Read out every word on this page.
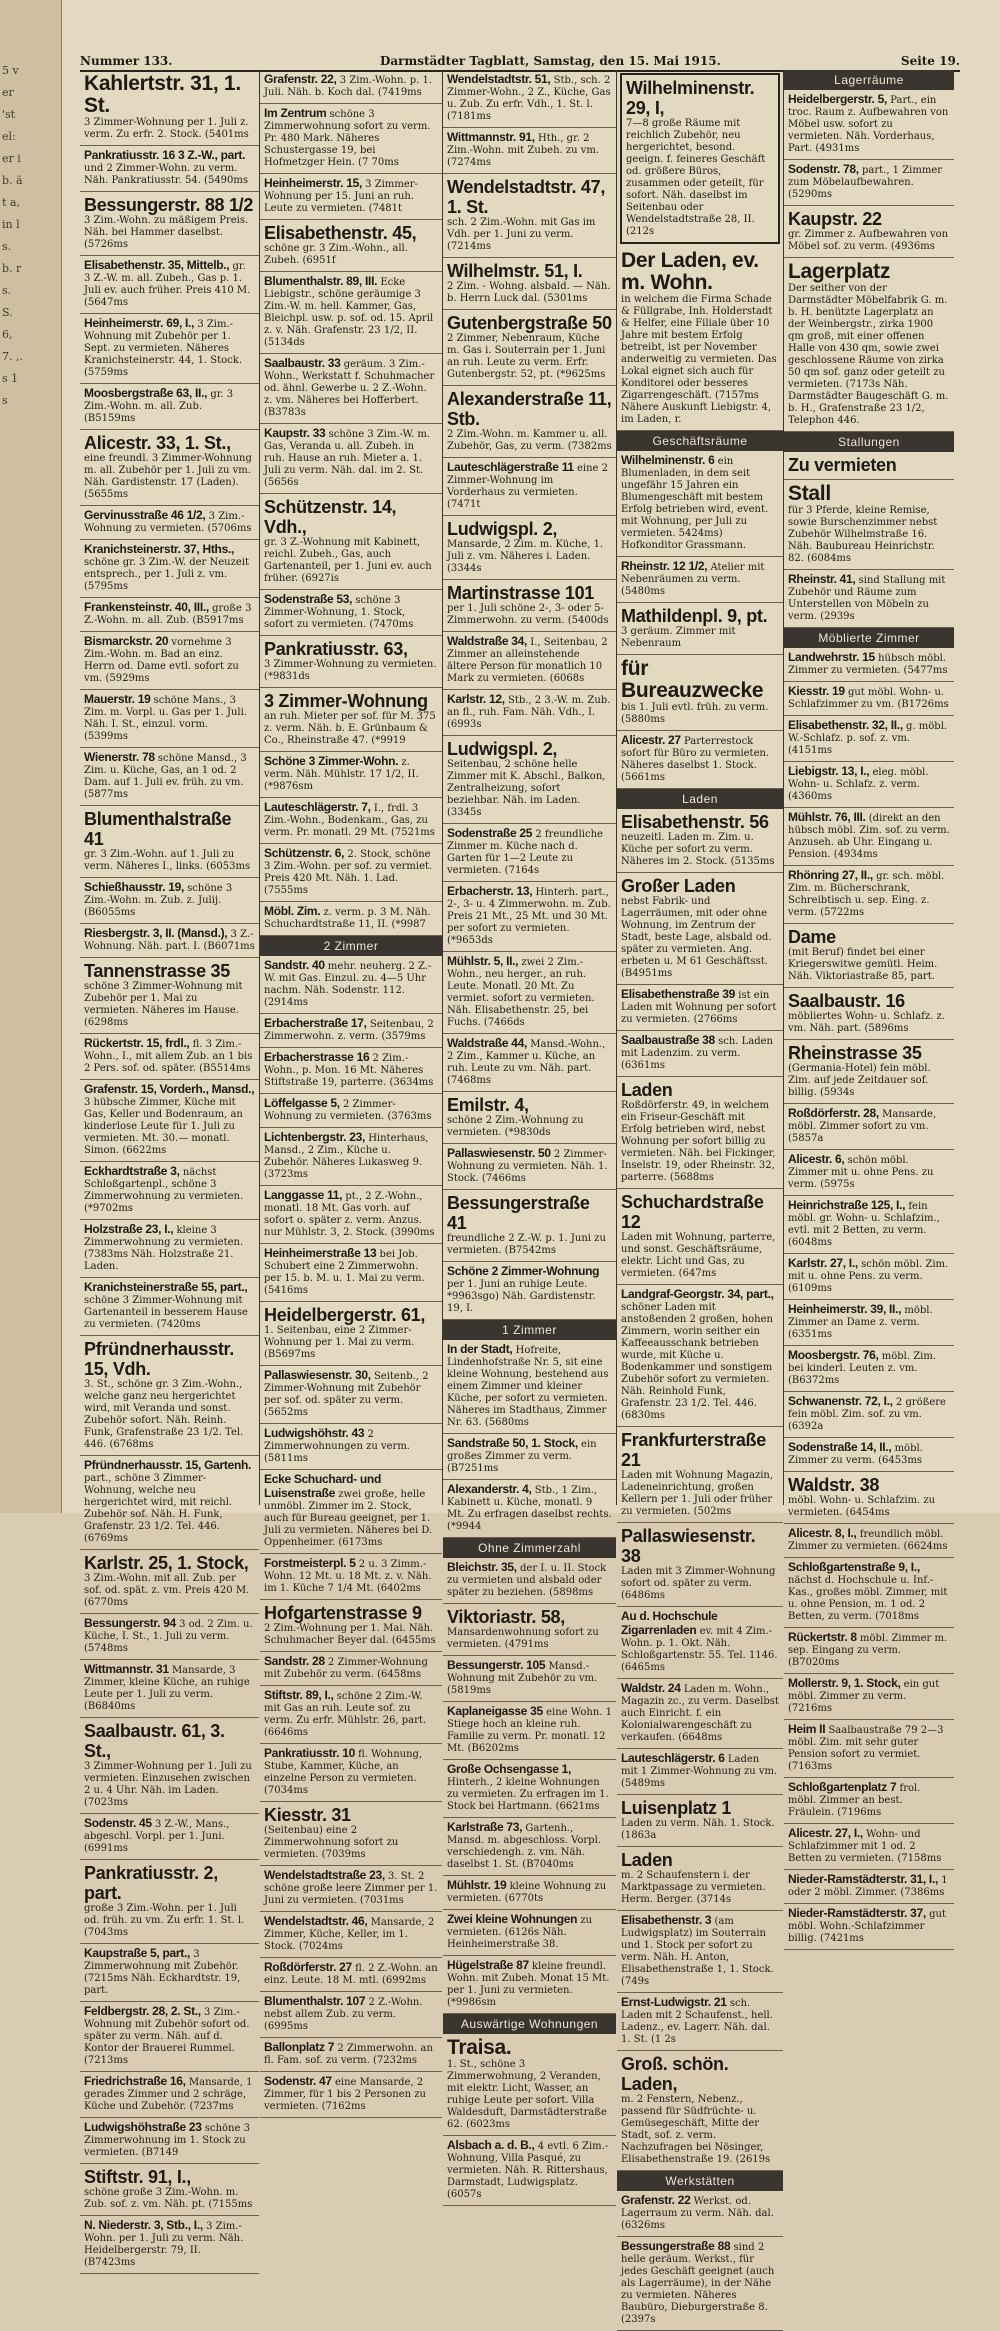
5 ver 'st el: er ib. ät a, in ls. b. rs. S. 6, 7. ,. s 1 s
Nummer 133.	Darmstädter Tagblatt, Samstag, den 15. Mai 1915.	Seite 19.
Kahlertstr. 31, 1. St.
3 Zimmer-Wohnung per 1. Juli z. verm. Zu erfr. 2. Stock. (5401ms
Pankratiusstr. 16 3 Z.-W., part. und 2 Zimmer-Wohn. zu verm. Näh. Pankratiusstr. 54. (5490ms
Bessungerstr. 88 1/2
3 Zim.-Wohn. zu mäßigem Preis. Näh. bei Hammer daselbst. (5726ms
Elisabethenstr. 35, Mittelb., gr. 3 Z.-W. m. all. Zubeh., Gas p. 1. Juli ev. auch früher. Preis 410 M. (5647ms
Heinheimerstr. 69, I., 3 Zim.-Wohnung mit Zubehör per 1. Sept. zu vermieten. Näheres Kranichsteinerstr. 44, 1. Stock. (5759ms
Moosbergstraße 63, II., gr. 3 Zim.-Wohn. m. all. Zub. (B5159ms
Alicestr. 33, 1. St.,
eine freundl. 3 Zimmer-Wohnung m. all. Zubehör per 1. Juli zu vm. Näh. Gardistenstr. 17 (Laden). (5655ms
Gervinusstraße 46 1/2, 3 Zim.-Wohnung zu vermieten. (5706ms
Kranichsteinerstr. 37, Hths., schöne gr. 3 Zim.-W. der Neuzeit entsprech., per 1. Juli z. vm. (5795ms
Frankensteinstr. 40, III., große 3 Z.-Wohn. m. all. Zub. (B5917ms
Bismarckstr. 20 vornehme 3 Zim.-Wohn. m. Bad an einz. Herrn od. Dame evtl. sofort zu vm. (5929ms
Mauerstr. 19 schöne Mans., 3 Zim. m. Vorpl. u. Gas per 1. Juli. Näh. I. St., einzul. vorm. (5399ms
Wienerstr. 78 schöne Mansd., 3 Zim. u. Küche, Gas, an 1 od. 2 Dam. auf 1. Juli ev. früh. zu vm. (5877ms
Blumenthalstraße 41
gr. 3 Zim.-Wohn. auf 1. Juli zu verm. Näheres I., links. (6053ms
Schießhausstr. 19, schöne 3 Zim.-Wohn. m. Zub. z. Julij. (B6055ms
Riesbergstr. 3, II. (Mansd.), 3 Z.-Wohnung. Näh. part. I. (B6071ms
Tannenstrasse 35
schöne 3 Zimmer-Wohnung mit Zubehör per 1. Mai zu vermieten. Näheres im Hause. (6298ms
Rückertstr. 15, frdl., fl. 3 Zim.-Wohn., I., mit allem Zub. an 1 bis 2 Pers. sof. od. später. (B5514ms
Grafenstr. 15, Vorderh., Mansd., 3 hübsche Zimmer, Küche mit Gas, Keller und Bodenraum, an kinderlose Leute für 1. Juli zu vermieten. Mt. 30.— monatl. Simon. (6622ms
Eckhardtstraße 3, nächst Schloßgartenpl., schöne 3 Zimmerwohnung zu vermieten. (*9702ms
Holzstraße 23, I., kleine 3 Zimmerwohnung zu vermieten. (7383ms Näh. Holzstraße 21. Laden.
Kranichsteinerstraße 55, part., schöne 3 Zimmer-Wohnung mit Gartenanteil in besserem Hause zu vermieten. (7420ms
Pfründnerhausstr. 15, Vdh.
3. St., schöne gr. 3 Zim.-Wohn., welche ganz neu hergerichtet wird, mit Veranda und sonst. Zubehör sofort. Näh. Reinh. Funk, Grafenstraße 23 1/2. Tel. 446. (6768ms
Pfründnerhausstr. 15, Gartenh. part., schöne 3 Zimmer-Wohnung, welche neu hergerichtet wird, mit reichl. Zubehör sof. Näh. H. Funk, Grafenstr. 23 1/2. Tel. 446. (6769ms
Karlstr. 25, 1. Stock,
3 Zim.-Wohn. mit all. Zub. per sof. od. spät. z. vm. Preis 420 M. (6770ms
Bessungerstr. 94 3 od. 2 Zim. u. Küche, I. St., 1. Juli zu verm. (5748ms
Wittmannstr. 31 Mansarde, 3 Zimmer, kleine Küche, an ruhige Leute per 1. Juli zu verm. (B6840ms
Saalbaustr. 61, 3. St.,
3 Zimmer-Wohnung per 1. Juli zu vermieten. Einzusehen zwischen 2 u. 4 Uhr. Näh. im Laden. (7023ms
Sodenstr. 45 3 Z.-W., Mans., abgeschl. Vorpl. per 1. Juni. (6991ms
Pankratiusstr. 2, part.
große 3 Zim.-Wohn. per 1. Juli od. früh. zu vm. Zu erfr. 1. St. l. (7043ms
Kaupstraße 5, part., 3 Zimmerwohnung mit Zubehör. (7215ms Näh. Eckhardtstr. 19, part.
Feldbergstr. 28, 2. St., 3 Zim.-Wohnung mit Zubehör sofort od. später zu verm. Näh. auf d. Kontor der Brauerei Rummel. (7213ms
Friedrichstraße 16, Mansarde, 1 gerades Zimmer und 2 schräge, Küche und Zubehör. (7237ms
Ludwigshöhstraße 23 schöne 3 Zimmerwohnung im 1. Stock zu vermieten. (B7149
Stiftstr. 91, I.,
schöne große 3 Zim.-Wohn. m. Zub. sof. z. vm. Näh. pt. (7155ms
N. Niederstr. 3, Stb., I., 3 Zim.-Wohn. per 1. Juli zu verm. Näh. Heidelbergerstr. 79, II. (B7423ms
Grafenstr. 22, 3 Zim.-Wohn. p. 1. Juli. Näh. b. Koch dal. (7419ms
Im Zentrum schöne 3 Zimmerwohnung sofort zu verm. Pr. 480 Mark. Näheres Schustergasse 19, bei Hofmetzger Hein. (7 70ms
Heinheimerstr. 15, 3 Zimmer-Wohnung per 15. Juni an ruh. Leute zu vermieten. (7481t
Elisabethenstr. 45,
schöne gr. 3 Zim.-Wohn., all. Zubeh. (6951f
Blumenthalstr. 89, III. Ecke Liebigstr., schöne geräumige 3 Zim.-W. m. hell. Kammer, Gas, Bleichpl. usw. p. sof. od. 15. April z. v. Näh. Grafenstr. 23 1/2, II. (5134ds
Saalbaustr. 33 geräum. 3 Zim.-Wohn., Werkstatt f. Schuhmacher od. ähnl. Gewerbe u. 2 Z.-Wohn. z. vm. Näheres bei Hofferbert. (B3783s
Kaupstr. 33 schöne 3 Zim.-W. m. Gas, Veranda u. all. Zubeh. in ruh. Hause an ruh. Mieter a. 1. Juli zu verm. Näh. dal. im 2. St. (5656s
Schützenstr. 14, Vdh.,
gr. 3 Z.-Wohnung mit Kabinett, reichl. Zubeh., Gas, auch Gartenanteil, per 1. Juni ev. auch früher. (6927is
Sodenstraße 53, schöne 3 Zimmer-Wohnung, 1. Stock, sofort zu vermieten. (7470ms
Pankratiusstr. 63,
3 Zimmer-Wohnung zu vermieten. (*9831ds
3 Zimmer-Wohnung
an ruh. Mieter per sof. für M. 375 z. verm. Näh. b. E. Grünbaum & Co., Rheinstraße 47. (*9919
Schöne 3 Zimmer-Wohn. z. verm. Näh. Mühlstr. 17 1/2, II. (*9876sm
Lauteschlägerstr. 7, I., frdl. 3 Zim.-Wohn., Bodenkam., Gas, zu verm. Pr. monatl. 29 Mt. (7521ms
Schützenstr. 6, 2. Stock, schöne 3 Zim.-Wohn. per sof. zu vermiet. Preis 420 Mt. Näh. 1. Lad. (7555ms
Möbl. Zim. z. verm. p. 3 M. Näh. Schuchardtstraße 11, II. (*9987
2 Zimmer
Sandstr. 40 mehr. neuherg. 2 Z.-W. mit Gas. Einzul. zu. 4—5 Uhr nachm. Näh. Sodenstr. 112. (2914ms
Erbacherstraße 17, Seitenbau, 2 Zimmerwohn. z. verm. (3579ms
Erbacherstrasse 16 2 Zim.-Wohn., p. Mon. 16 Mt. Näheres Stiftstraße 19, parterre. (3634ms
Löffelgasse 5, 2 Zimmer-Wohnung zu vermieten. (3763ms
Lichtenbergstr. 23, Hinterhaus, Mansd., 2 Zim., Küche u. Zubehör. Näheres Lukasweg 9. (3723ms
Langgasse 11, pt., 2 Z.-Wohn., monatl. 18 Mt. Gas vorh. auf sofort o. später z. verm. Anzus. nur Mühlstr. 3, 2. Stock. (3990ms
Heinheimerstraße 13 bei Job. Schubert eine 2 Zimmerwohn. per 15. b. M. u. 1. Mai zu verm. (5416ms
Heidelbergerstr. 61,
1. Seitenbau, eine 2 Zimmer-Wohnung per 1. Mai zu verm. (B5697ms
Pallaswiesenstr. 30, Seitenb., 2 Zimmer-Wohnung mit Zubehör per sof. od. später zu verm. (5652ms
Ludwigshöhstr. 43 2 Zimmerwohnungen zu verm. (5811ms
Ecke Schuchard- und Luisenstraße zwei große, helle unmöbl. Zimmer im 2. Stock, auch für Bureau geeignet, per 1. Juli zu vermieten. Näheres bei D. Oppenheimer. (6173ms
Forstmeisterpl. 5 2 u. 3 Zimm.-Wohn. 12 Mt. u. 18 Mt. z. v. Näh. im 1. Küche 7 1/4 Mt. (6402ms
Hofgartenstrasse 9
2 Zim.-Wohnung per 1. Mai. Näh. Schuhmacher Beyer dal. (6455ms
Sandstr. 28 2 Zimmer-Wohnung mit Zubehör zu verm. (6458ms
Stiftstr. 89, I., schöne 2 Zim.-W. mit Gas an ruh. Leute sof. zu verm. Zu erfr. Mühlstr. 26, part. (6646ms
Pankratiusstr. 10 fl. Wohnung, Stube, Kammer, Küche, an einzelne Person zu vermieten. (7034ms
Kiesstr. 31
(Seitenbau) eine 2 Zimmerwohnung sofort zu vermieten. (7039ms
Wendelstadtstraße 23, 3. St. 2 schöne große leere Zimmer per 1. Juni zu vermieten. (7031ms
Wendelstadtstr. 46, Mansarde, 2 Zimmer, Küche, Keller, im 1. Stock. (7024ms
Roßdörferstr. 27 fl. 2 Z.-Wohn. an einz. Leute. 18 M. mtl. (6992ms
Blumenthalstr. 107 2 Z.-Wohn. nebst allem Zub. zu verm. (6995ms
Ballonplatz 7 2 Zimmerwohn. an fl. Fam. sof. zu verm. (7232ms
Sodenstr. 47 eine Mansarde, 2 Zimmer, für 1 bis 2 Personen zu vermieten. (7162ms
Wendelstadtstr. 51, Stb., sch. 2 Zimmer-Wohn., 2 Z., Küche, Gas u. Zub. Zu erfr. Vdh., 1. St. l. (7181ms
Wittmannstr. 91, Hth., gr. 2 Zim.-Wohn. mit Zubeh. zu vm. (7274ms
Wendelstadtstr. 47, 1. St.
sch. 2 Zim.-Wohn. mit Gas im Vdh. per 1. Juni zu verm. (7214ms
Wilhelmstr. 51, I.
2 Zim. - Wohng. alsbald. — Näh. b. Herrn Luck dal. (5301ms
Gutenbergstraße 50
2 Zimmer, Nebenraum, Küche m. Gas i. Souterrain per 1. Juni an ruh. Leute zu verm. Erfr. Gutenbergstr. 52, pt. (*9625ms
Alexanderstraße 11, Stb.
2 Zim.-Wohn. m. Kammer u. all. Zubehör, Gas, zu verm. (7382ms
Lauteschlägerstraße 11 eine 2 Zimmer-Wohnung im Vorderhaus zu vermieten. (7471t
Ludwigspl. 2,
Mansarde, 2 Zim. m. Küche, 1. Juli z. vm. Näheres i. Laden. (3344s
Martinstrasse 101
per 1. Juli schöne 2-, 3- oder 5-Zimmerwohn. zu verm. (5400ds
Waldstraße 34, I., Seitenbau, 2 Zimmer an alleinstehende ältere Person für monatlich 10 Mark zu vermieten. (6068s
Karlstr. 12, Stb., 2 3.-W. m. Zub. an fl., ruh. Fam. Näh. Vdh., I. (6993s
Ludwigspl. 2,
Seitenbau, 2 schöne helle Zimmer mit K. Abschl., Balkon, Zentralheizung, sofort beziehbar. Näh. im Laden. (3345s
Sodenstraße 25 2 freundliche Zimmer m. Küche nach d. Garten für 1—2 Leute zu vermieten. (7164s
Erbacherstr. 13, Hinterh. part., 2-, 3- u. 4 Zimmerwohn. m. Zub. Preis 21 Mt., 25 Mt. und 30 Mt. per sofort zu vermieten. (*9653ds
Mühlstr. 5, II., zwei 2 Zim.-Wohn., neu herger., an ruh. Leute. Monatl. 20 Mt. Zu vermiet. sofort zu vermieten. Näh. Elisabethenstr. 25, bei Fuchs. (7466ds
Waldstraße 44, Mansd.-Wohn., 2 Zim., Kammer u. Küche, an ruh. Leute zu vm. Näh. part. (7468ms
Emilstr. 4,
schöne 2 Zim.-Wohnung zu vermieten. (*9830ds
Pallaswiesenstr. 50 2 Zimmer-Wohnung zu vermieten. Näh. 1. Stock. (7466ms
Bessungerstraße 41
freundliche 2 Z.-W. p. 1. Juni zu vermieten. (B7542ms
Schöne 2 Zimmer-Wohnung per 1. Juni an ruhige Leute. *9963sgo) Näh. Gardistenstr. 19, I.
1 Zimmer
In der Stadt, Hofreite, Lindenhofstraße Nr. 5, sit eine kleine Wohnung, bestehend aus einem Zimmer und kleiner Küche, per sofort zu vermieten. Näheres im Stadthaus, Zimmer Nr. 63. (5680ms
Sandstraße 50, 1. Stock, ein großes Zimmer zu verm. (B7251ms
Alexanderstr. 4, Stb., 1 Zim., Kabinett u. Küche, monatl. 9 Mt. Zu erfragen daselbst rechts. (*9944
Ohne Zimmerzahl
Bleichstr. 35, der I. u. II. Stock zu vermieten und alsbald oder später zu beziehen. (5898ms
Viktoriastr. 58,
Mansardenwohnung sofort zu vermieten. (4791ms
Bessungerstr. 105 Mansd.-Wohnung mit Zubehör zu vm. (5819ms
Kaplaneigasse 35 eine Wohn. 1 Stiege hoch an kleine ruh. Familie zu verm. Pr. monatl. 12 Mt. (B6202ms
Große Ochsengasse 1, Hinterh., 2 kleine Wohnungen zu vermieten. Zu erfragen im 1. Stock bei Hartmann. (6621ms
Karlstraße 73, Gartenh., Mansd. m. abgeschloss. Vorpl. verschiedengh. z. vm. Näh. daselbst 1. St. (B7040ms
Mühlstr. 19 kleine Wohnung zu vermieten. (6770ts
Zwei kleine Wohnungen zu vermieten. (6126s Näh. Heinheimerstraße 38.
Hügelstraße 87 kleine freundl. Wohn. mit Zubeh. Monat 15 Mt. per 1. Juni zu vermieten. (*9986sm
Auswärtige Wohnungen
Traisa.
1. St., schöne 3 Zimmerwohnung, 2 Veranden, mit elektr. Licht, Wasser, an ruhige Leute per sofort. Villa Waldesduft, Darmstädterstraße 62. (6023ms
Alsbach a. d. B., 4 evtl. 6 Zim.-Wohnung, Villa Pasqué, zu vermieten. Näh. R. Rittershaus, Darmstadt, Ludwigsplatz. (6057s
Wilhelminenstr. 29, I,
7—8 große Räume mit reichlich Zubehör, neu hergerichtet, besond. geeign. f. feineres Geschäft od. größere Büros, zusammen oder geteilt, für sofort. Näh. daselbst im Seitenbau oder Wendelstadtstraße 28, II. (212s
Der Laden, ev. m. Wohn.
in welchem die Firma Schade & Füllgrabe, Inh. Holderstadt & Helfer, eine Filiale über 10 Jahre mit bestem Erfolg betreibt, ist per November anderweitig zu vermieten. Das Lokal eignet sich auch für Konditorei oder besseres Zigarrengeschäft. (7157ms Nähere Auskunft Liebigstr. 4, im Laden, r.
Geschäftsräume
Wilhelminenstr. 6 ein Blumenladen, in dem seit ungefähr 15 Jahren ein Blumengeschäft mit bestem Erfolg betrieben wird, event. mit Wohnung, per Juli zu vermieten. 5424ms) Hofkonditor Grassmann.
Rheinstr. 12 1/2, Atelier mit Nebenräumen zu verm. (5480ms
Mathildenpl. 9, pt.
3 geräum. Zimmer mit Nebenraum
für Bureauzwecke
bis 1. Juli evtl. früh. zu verm. (5880ms
Alicestr. 27 Parterrestock sofort für Büro zu vermieten. Näheres daselbst 1. Stock. (5661ms
Laden
Elisabethenstr. 56
neuzeitl. Laden m. Zim. u. Küche per sofort zu verm. Näheres im 2. Stock. (5135ms
Großer Laden
nebst Fabrik- und Lagerräumen, mit oder ohne Wohnung, im Zentrum der Stadt, beste Lage, alsbald od. später zu vermieten. Ang. erbeten u. M 61 Geschäftsst. (B4951ms
Elisabethenstraße 39 ist ein Laden mit Wohnung per sofort zu vermieten. (2766ms
Saalbaustraße 38 sch. Laden mit Ladenzim. zu verm. (6361ms
Laden
Roßdörferstr. 49, in welchem ein Friseur-Geschäft mit Erfolg betrieben wird, nebst Wohnung per sofort billig zu vermieten. Näh. bei Fickinger, Inselstr. 19, oder Rheinstr. 32, parterre. (5688ms
Schuchardstraße 12
Laden mit Wohnung, parterre, und sonst. Geschäftsräume, elektr. Licht und Gas, zu vermieten. (647ms
Landgraf-Georgstr. 34, part., schöner Laden mit anstoßenden 2 großen, hohen Zimmern, worin seither ein Kaffeeausschank betrieben wurde, mit Küche u. Bodenkammer und sonstigem Zubehör sofort zu vermieten. Näh. Reinhold Funk, Grafenstr. 23 1/2. Tel. 446. (6830ms
Frankfurterstraße 21
Laden mit Wohnung Magazin, Ladeneinrichtung, großen Kellern per 1. Juli oder früher zu vermieten. (502ms
Pallaswiesenstr. 38
Laden mit 3 Zimmer-Wohnung sofort od. später zu verm. (6486ms
Au d. Hochschule Zigarrenladen ev. mit 4 Zim.-Wohn. p. 1. Okt. Näh. Schloßgartenstr. 55. Tel. 1146. (6465ms
Waldstr. 24 Laden m. Wohn., Magazin zc., zu verm. Daselbst auch Einricht. f. ein Kolonialwarengeschäft zu verkaufen. (6648ms
Lauteschlägerstr. 6 Laden mit 1 Zimmer-Wohnung zu vm. (5489ms
Luisenplatz 1
Laden zu verm. Näh. 1. Stock. (1863a
Laden
m. 2 Schaufenstern i. der Marktpassage zu vermieten. Herm. Berger. (3714s
Elisabethenstr. 3 (am Ludwigsplatz) im Souterrain und 1. Stock per sofort zu verm. Näh. H. Anton, Elisabethenstraße 1, 1. Stock. (749s
Ernst-Ludwigstr. 21 sch. Laden mit 2 Schaufenst., hell. Ladenz., ev. Lagerr. Näh. dal. 1. St. (1 2s
Groß. schön. Laden,
m. 2 Fenstern, Nebenz., passend für Südfrüchte- u. Gemüsegeschäft, Mitte der Stadt, sof. z. verm. Nachzufragen bei Nösinger, Elisabethenstraße 19. (2619s
Werkstätten
Grafenstr. 22 Werkst. od. Lagerraum zu verm. Näh. dal. (6326ms
Bessungerstraße 88 sind 2 helle geräum. Werkst., für jedes Geschäft geeignet (auch als Lagerräume), in der Nähe zu vermieten. Näheres Baubüro, Dieburgerstraße 8. (2397s
Lagerräume
Heidelbergerstr. 5, Part., ein troc. Raum z. Aufbewahren von Möbel usw. sofort zu vermieten. Näh. Vorderhaus, Part. (4931ms
Sodenstr. 78, part., 1 Zimmer zum Möbelaufbewahren. (5290ms
Kaupstr. 22
gr. Zimmer z. Aufbewahren von Möbel sof. zu verm. (4936ms
Lagerplatz
Der seither von der Darmstädter Möbelfabrik G. m. b. H. benützte Lagerplatz an der Weinbergstr., zirka 1900 qm groß, mit einer offenen Halle von 430 qm, sowie zwei geschlossene Räume von zirka 50 qm sof. ganz oder geteilt zu vermieten. (7173s Näh. Darmstädter Baugeschäft G. m. b. H., Grafenstraße 23 1/2, Telephon 446.
Stallungen
Zu vermieten
Stall
für 3 Pferde, kleine Remise, sowie Burschenzimmer nebst Zubehör Wilhelmstraße 16. Näh. Baubureau Heinrichstr. 82. (6084ms
Rheinstr. 41, sind Stallung mit Zubehör und Räume zum Unterstellen von Möbeln zu verm. (2939s
Möblierte Zimmer
Landwehrstr. 15 hübsch möbl. Zimmer zu vermieten. (5477ms
Kiesstr. 19 gut möbl. Wohn- u. Schlafzimmer zu vm. (B1726ms
Elisabethenstr. 32, II., g. möbl. W.-Schlafz. p. sof. z. vm. (4151ms
Liebigstr. 13, I., eleg. möbl. Wohn- u. Schlafz. z. verm. (4360ms
Mühlstr. 76, III. (direkt an den hübsch möbl. Zim. sof. zu verm. Anzuseh. ab Uhr. Eingang u. Pension. (4934ms
Rhönring 27, II., gr. sch. möbl. Zim. m. Bücherschrank, Schreibtisch u. sep. Eing. z. verm. (5722ms
Dame
(mit Beruf) findet bei einer Kriegerswitwe gemütl. Heim. Näh. Viktoriastraße 85, part.
Saalbaustr. 16
möbliertes Wohn- u. Schlafz. z. vm. Näh. part. (5896ms
Rheinstrasse 35
(Germania-Hotel) fein möbl. Zim. auf jede Zeitdauer sof. billig. (5934s
Roßdörferstr. 28, Mansarde, möbl. Zimmer sofort zu vm. (5857a
Alicestr. 6, schön möbl. Zimmer mit u. ohne Pens. zu verm. (5975s
Heinrichstraße 125, I., fein möbl. gr. Wohn- u. Schlafzim., evtl. mit 2 Betten, zu verm. (6048ms
Karlstr. 27, I., schön möbl. Zim. mit u. ohne Pens. zu verm. (6109ms
Heinheimerstr. 39, II., möbl. Zimmer an Dame z. verm. (6351ms
Moosbergstr. 76, möbl. Zim. bei kinderl. Leuten z. vm. (B6372ms
Schwanenstr. 72, I., 2 größere fein möbl. Zim. sof. zu vm. (6392a
Sodenstraße 14, II., möbl. Zimmer zu verm. (6453ms
Waldstr. 38
möbl. Wohn- u. Schlafzim. zu vermieten. (6454ms
Alicestr. 8, I., freundlich möbl. Zimmer zu vermieten. (6624ms
Schloßgartenstraße 9, I., nächst d. Hochschule u. Inf.-Kas., großes möbl. Zimmer, mit u. ohne Pension, m. 1 od. 2 Betten, zu verm. (7018ms
Rückertstr. 8 möbl. Zimmer m. sep. Eingang zu verm. (B7020ms
Mollerstr. 9, 1. Stock, ein gut möbl. Zimmer zu verm. (7216ms
Heim II Saalbaustraße 79 2—3 möbl. Zim. mit sehr guter Pension sofort zu vermiet. (7163ms
Schloßgartenplatz 7 frol. möbl. Zimmer an best. Fräulein. (7196ms
Alicestr. 27, I., Wohn- und Schlafzimmer mit 1 od. 2 Betten zu vermieten. (7158ms
Nieder-Ramstädterstr. 31, I., 1 oder 2 möbl. Zimmer. (7386ms
Nieder-Ramstädterstr. 37, gut möbl. Wohn.-Schlafzimmer billig. (7421ms
